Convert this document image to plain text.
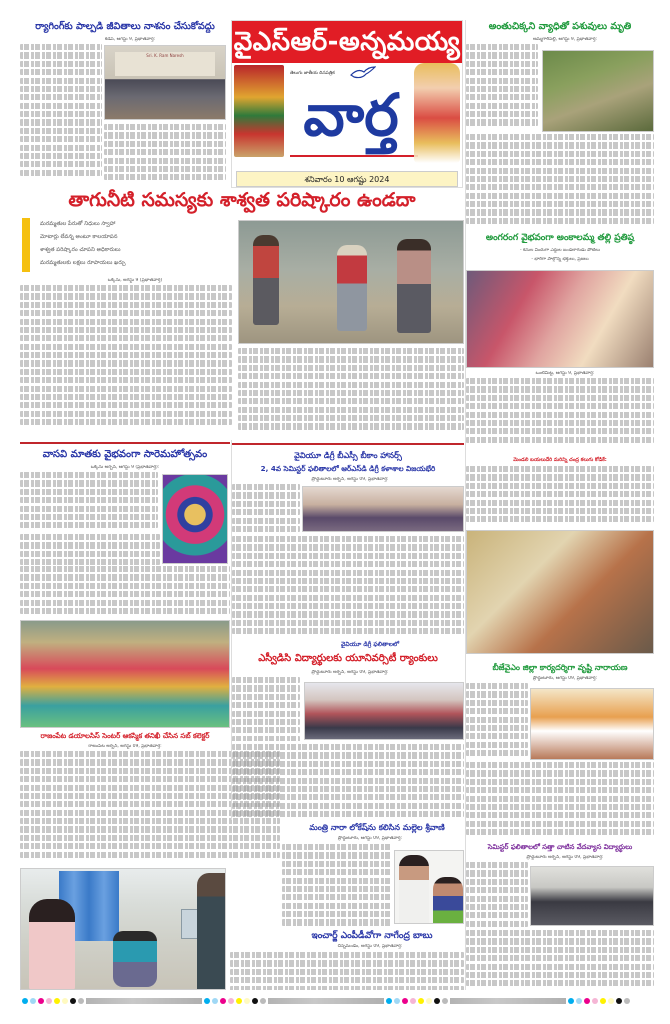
వైఎస్ఆర్-అన్నమయ్య
తెలుగు జాతీయ దినపత్రిక
వార్త
శనివారం 10 ఆగష్టు 2024
ర్యాగింగ్‌కు పాల్పడి జీవితాలు నాశనం చేసుకోవద్దు
కడప, ఆగస్టు 9, ప్రభాతవార్త:
Sri. K. Ram Naresh
అంతుచిక్కని వ్యాధితో పశువులు మృతి
అమ్మగారిపల్లి, ఆగస్టు 9, ప్రభాతవార్త:
తాగునీటి సమస్యకు శాశ్వత పరిష్కారం ఉండదా
మరమ్మతుల పేరుతో నిధులు స్వాహా
మోటార్లు లేవన్న అంటూ కాలయాపన
శాశ్వత పరిష్కారం చూపని అధికారులు
మరమ్మతులకు లక్షలు రూపాయలు ఖర్చు
ఒక్కేను, ఆగస్టు 9 (ప్రభాతవార్త)
అంగరంగ వైభవంగా అంకాలమ్మ తల్లి ప్రతిష్ఠ
- కనుల విందుగా ఎద్దుల బండలాగుడు పోటీలు
- భారీగా పాల్గొన్న భక్తులు, ప్రజలు
ఒంటిమిట్ట, ఆగస్టు 9, ప్రభాతవార్త:
మెండలి బయలుదేరి మరిన్ని చంద్ర కలుగు కోడికే:
వాసవి మాతకు వైభవంగా సారెమహోత్సవం
ఒక్కేను అర్బన్, ఆగస్టు 9 (ప్రభాతవార్త):
వైవియూ డిగ్రీ బీఎస్సీ బీకాం హానర్స్
2, 4వ సెమిస్టర్ ఫలితాలలో ఆర్ఎస్‌డి డిగ్రీ కళాశాల విజయభేరి
ప్రొద్దుటూరు అర్బన్, ఆగస్టు 09, ప్రభాతవార్త:
వైవియూ డిగ్రీ ఫలితాలలో
ఎస్వీడిసి విద్యార్థులకు యూనివర్సిటీ ర్యాంకులు
ప్రొద్దుటూరు అర్బన్, ఆగస్టు 09, ప్రభాతవార్త:
బీజేవైఎం జిల్లా కార్యదర్శిగా వృష్టి నారాయణ
ప్రొద్దుటూరు, ఆగస్టు 09, ప్రభాతవార్త:
రాజంపేట డయాలసిస్ సెంటర్ ఆకస్మిక తనిఖీ చేసిన సబ్ కలెక్టర్
రాజంపేట అర్బన్, ఆగస్టు 09, ప్రభాతవార్త:
మంత్రి నారా లోకేష్‌ను కలిసిన మల్లెల శ్రీవాణి
ప్రొద్దుటూరు, ఆగస్టు 09, ప్రభాతవార్త:
సెమిస్టర్ ఫలితాలలో సత్తా చాటిన వేదవ్యాస విద్యార్థులు
ప్రొద్దుటూరు అర్బన్, ఆగస్టు 09, ప్రభాతవార్త:
ఇంచార్జ్ ఎంపీడీవోగా నాగేంద్ర బాబు
చిన్నమండెం, ఆగస్టు 09, ప్రభాతవార్త:
